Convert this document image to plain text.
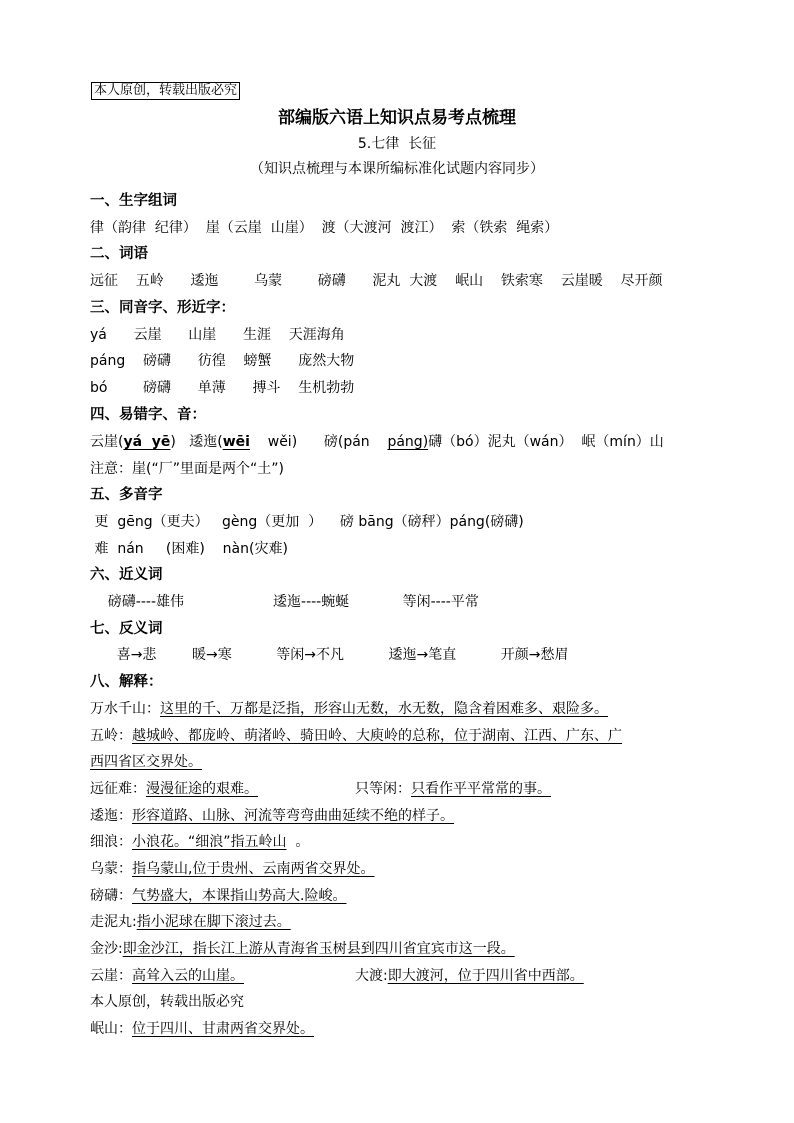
本人原创，转载出版必究
部编版六语上知识点易考点梳理
5.七律  长征
（知识点梳理与本课所编标准化试题内容同步）
一、生字组词
律（韵律  纪律）  崖（云崖  山崖）  渡（大渡河  渡江）  索（铁索  绳索）
二、词语
远征    五岭      逶迤        乌蒙        磅礴      泥丸  大渡    岷山    铁索寒    云崖暖    尽开颜
三、同音字、形近字：
yá      云崖      山崖      生涯    天涯海角
páng    磅礴      彷徨    螃蟹      庞然大物
bó        磅礴      单薄      搏斗    生机勃勃
四、易错字、音：
云崖(yá  yē)   逶迤(wēi    wěi)      磅(pán    páng)礴（bó）泥丸（wán）  岷（mín）山
注意：崖(“厂”里面是两个“土”)
五、多音字
更  gēng（更夫）   gèng（更加  ）    磅 bāng（磅秤）páng(磅礴)
难  nán     (困难)    nàn(灾难)
六、近义词
磅礴----雄伟                    逶迤----蜿蜒            等闲----平常
七、反义词
喜→悲        暖→寒          等闲→不凡          逶迤→笔直          开颜→愁眉
八、解释：
万水千山：这里的千、万都是泛指，形容山无数，水无数，隐含着困难多、艰险多。
五岭：越城岭、都庞岭、萌渚岭、骑田岭、大庾岭的总称，位于湖南、江西、广东、广
西四省区交界处。
远征难：漫漫征途的艰难。	只等闲：只看作平平常常的事。
逶迤：形容道路、山脉、河流等弯弯曲曲延续不绝的样子。
细浪：小浪花。“细浪”指五岭山  。
乌蒙：指乌蒙山,位于贵州、云南两省交界处。
磅礴：气势盛大，本课指山势高大.险峻。
走泥丸:指小泥球在脚下滚过去。
金沙:即金沙江，指长江上游从青海省玉树县到四川省宜宾市这一段。
云崖：高耸入云的山崖。	大渡:即大渡河，位于四川省中西部。
本人原创，转载出版必究
岷山：位于四川、甘肃两省交界处。
